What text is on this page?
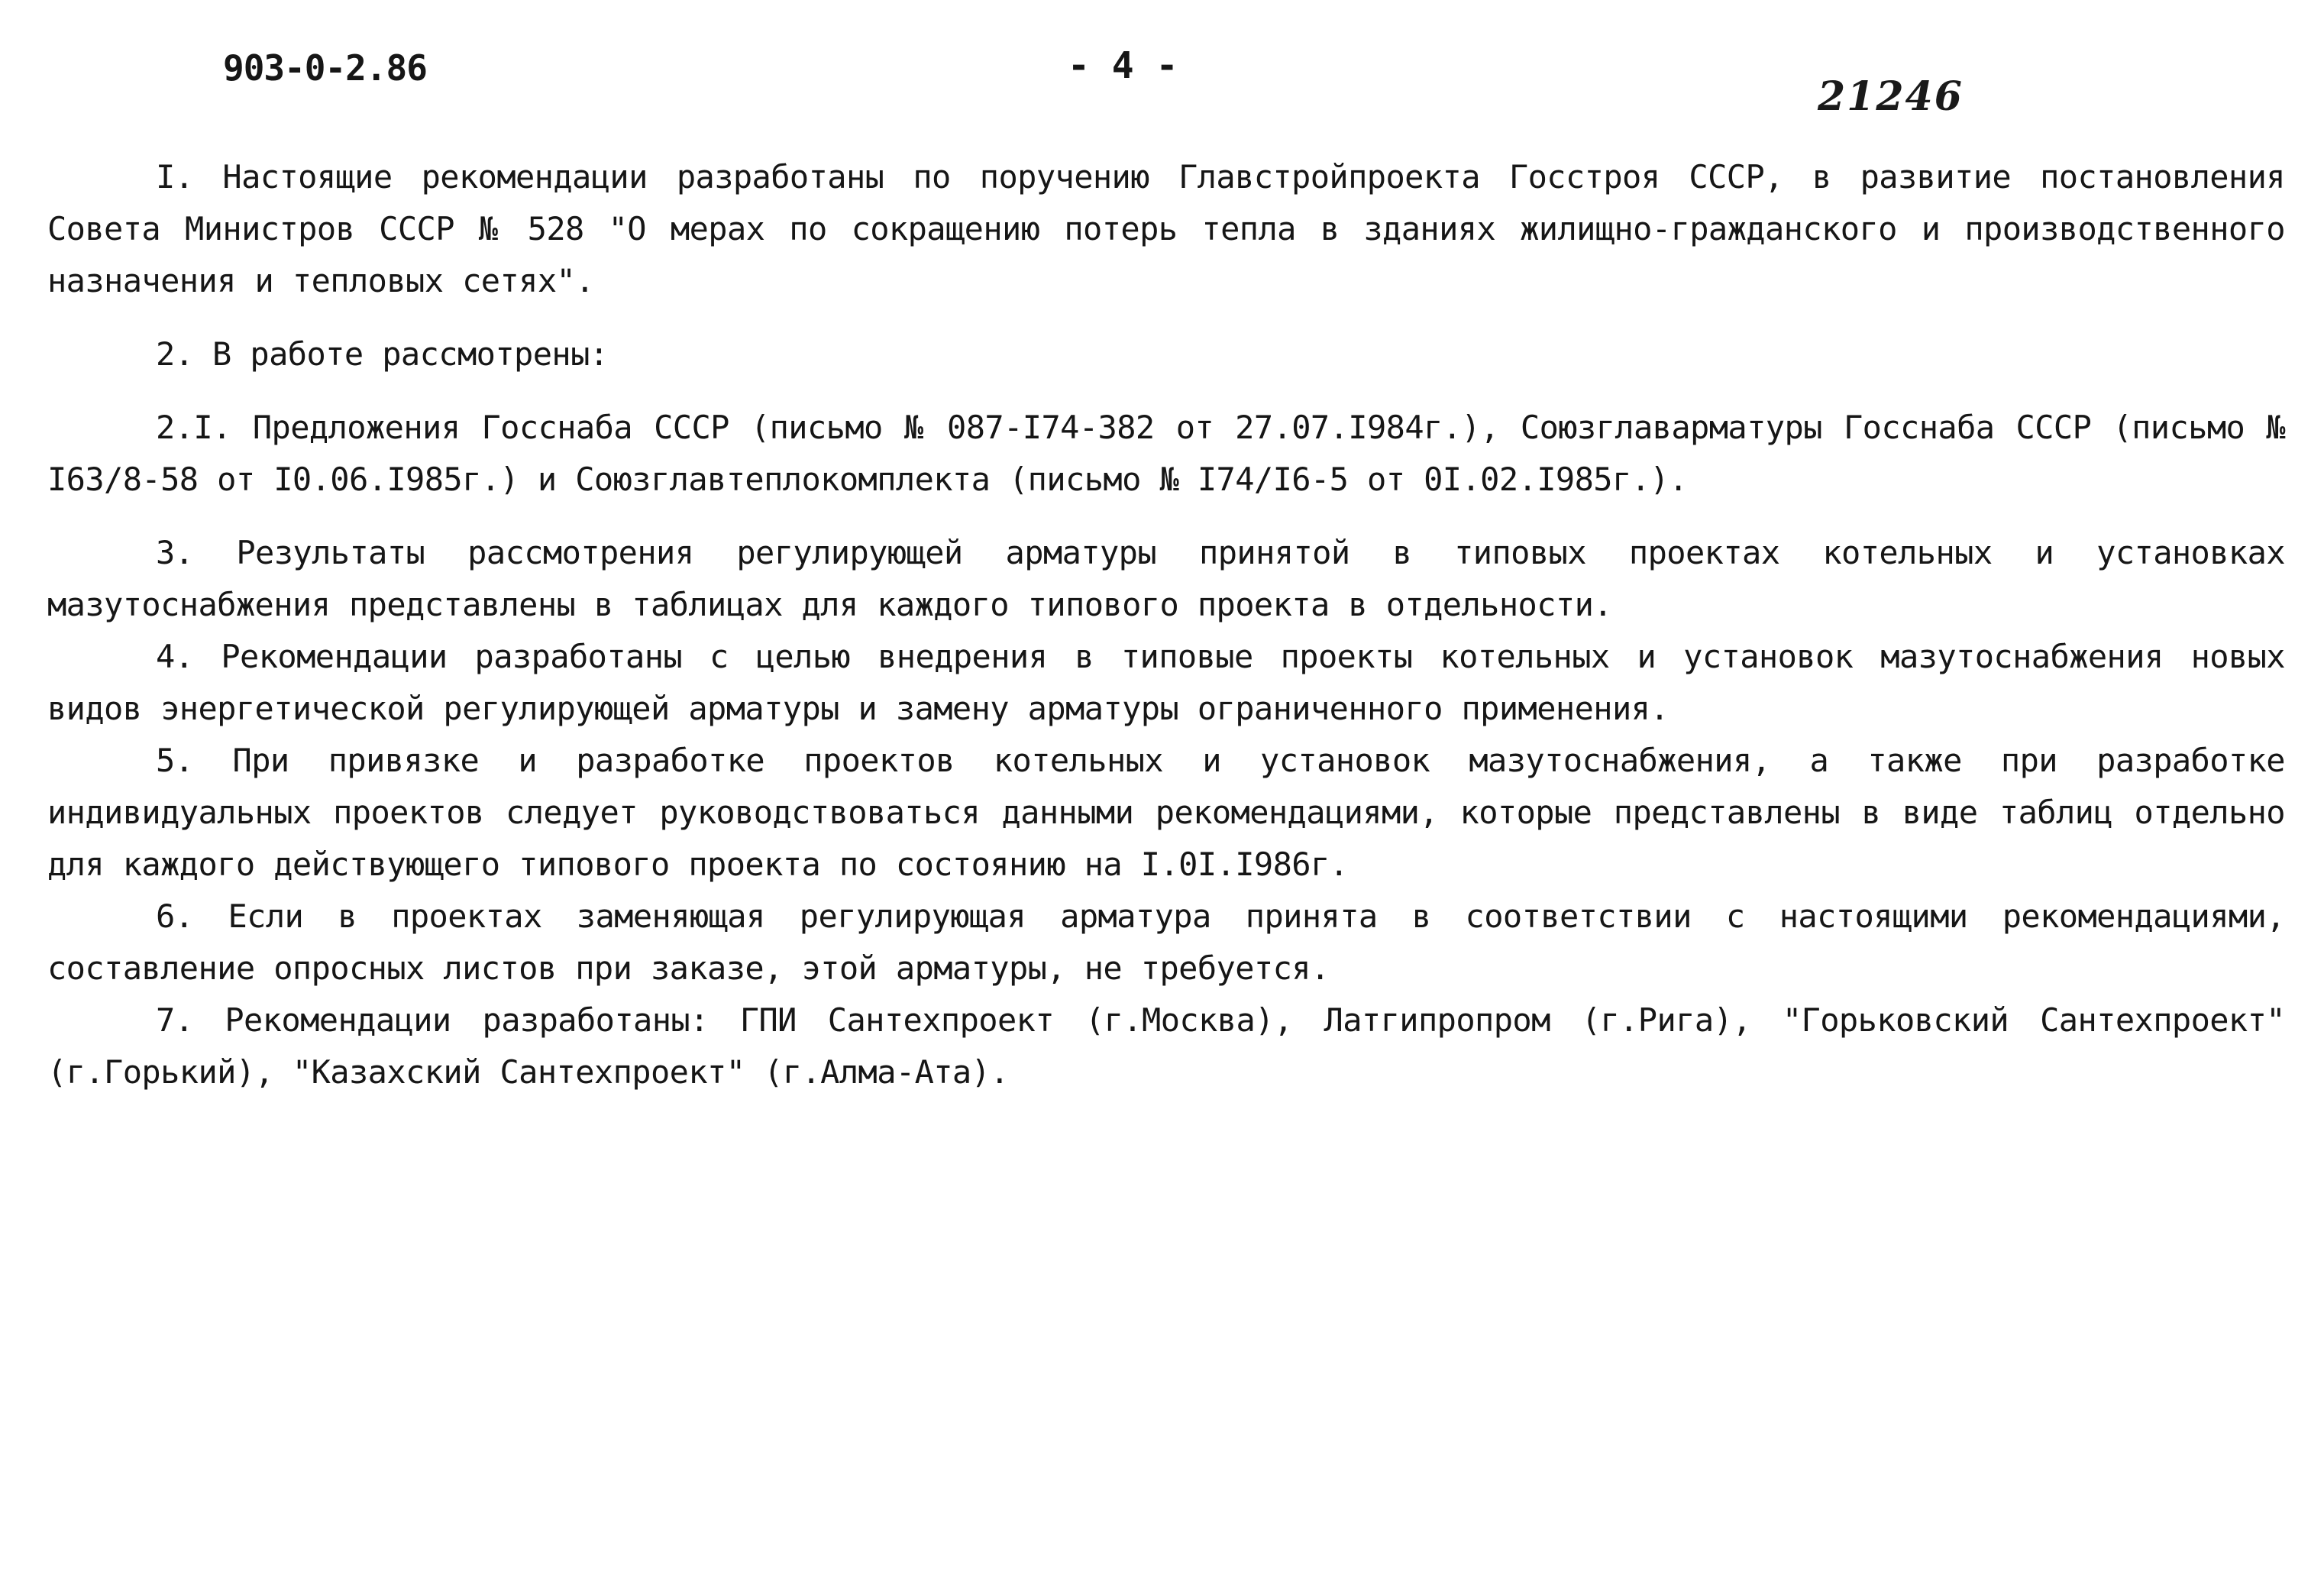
903-0-2.86	- 4 -
21246

I. Настоящие рекомендации разработаны по поручению Главстройпроекта Госстроя СССР, в развитие постановления Совета Министров СССР № 528 "О мерах по сокращению потерь тепла в зданиях жилищно-гражданского и производственного назначения и тепловых сетях".

2. В работе рассмотрены:

2.I. Предложения Госснаба СССР (письмо № 087-I74-382 от 27.07.I984г.), Союзглавармaтуры Госснаба СССР (письмо № I63/8-58 от I0.06.I985г.) и Союзглавтеплокомплекта (письмо № I74/I6-5 от 0I.02.I985г.).

3. Результаты рассмотрения регулирующей арматуры принятой в типовых проектах котельных и установках мазутоснабжения представлены в таблицах для каждого типового проекта в отдельности.

4. Рекомендации разработаны с целью внедрения в типовые проекты котельных и установок мазутоснабжения новых видов энергетической регулирующей арматуры и замену арматуры ограниченного применения.

5. При привязке и разработке проектов котельных и установок мазутоснабжения, а также при разработке индивидуальных проектов следует руководствоваться данными рекомендациями, которые представлены в виде таблиц отдельно для каждого действующего типового проекта по состоянию на I.0I.I986г.

6. Если в проектах заменяющая регулирующая арматура принята в соответствии с настоящими рекомендациями, составление опросных листов при заказе, этой арматуры, не требуется.

7. Рекомендации разработаны: ГПИ Сантехпроект (г.Москва), Латгипропром (г.Рига), "Горьковский Сантехпроект" (г.Горький), "Казахский Сантехпроект" (г.Алма-Ата).
